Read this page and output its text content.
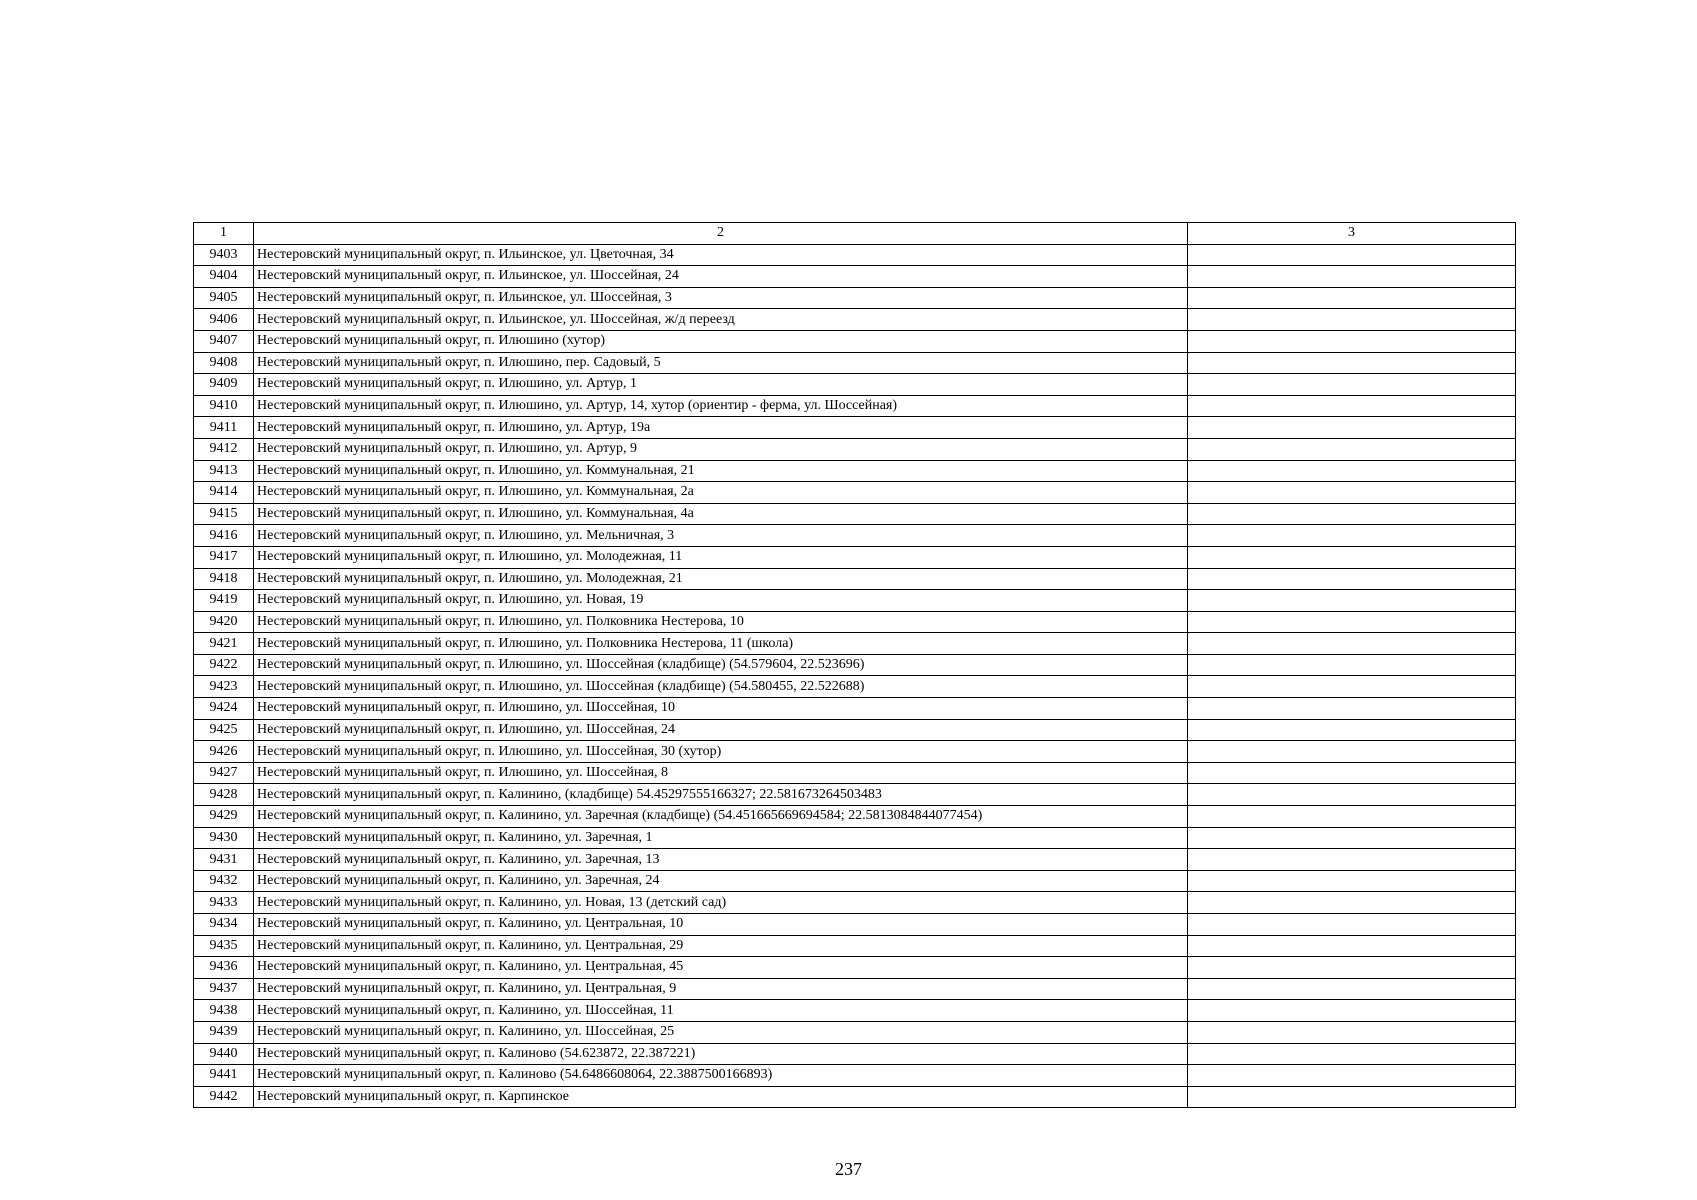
1	2	3
9403	Нестеровский муниципальный округ, п. Ильинское, ул. Цветочная, 34	
9404	Нестеровский муниципальный округ, п. Ильинское, ул. Шоссейная, 24	
9405	Нестеровский муниципальный округ, п. Ильинское, ул. Шоссейная, 3	
9406	Нестеровский муниципальный округ, п. Ильинское, ул. Шоссейная, ж/д переезд	
9407	Нестеровский муниципальный округ, п. Илюшино (хутор)	
9408	Нестеровский муниципальный округ, п. Илюшино, пер. Садовый, 5	
9409	Нестеровский муниципальный округ, п. Илюшино, ул. Артур, 1	
9410	Нестеровский муниципальный округ, п. Илюшино, ул. Артур, 14, хутор (ориентир - ферма, ул. Шоссейная)	
9411	Нестеровский муниципальный округ, п. Илюшино, ул. Артур, 19а	
9412	Нестеровский муниципальный округ, п. Илюшино, ул. Артур, 9	
9413	Нестеровский муниципальный округ, п. Илюшино, ул. Коммунальная, 21	
9414	Нестеровский муниципальный округ, п. Илюшино, ул. Коммунальная, 2а	
9415	Нестеровский муниципальный округ, п. Илюшино, ул. Коммунальная, 4а	
9416	Нестеровский муниципальный округ, п. Илюшино, ул. Мельничная, 3	
9417	Нестеровский муниципальный округ, п. Илюшино, ул. Молодежная, 11	
9418	Нестеровский муниципальный округ, п. Илюшино, ул. Молодежная, 21	
9419	Нестеровский муниципальный округ, п. Илюшино, ул. Новая, 19	
9420	Нестеровский муниципальный округ, п. Илюшино, ул. Полковника Нестерова, 10	
9421	Нестеровский муниципальный округ, п. Илюшино, ул. Полковника Нестерова, 11 (школа)	
9422	Нестеровский муниципальный округ, п. Илюшино, ул. Шоссейная (кладбище) (54.579604, 22.523696)	
9423	Нестеровский муниципальный округ, п. Илюшино, ул. Шоссейная (кладбище) (54.580455, 22.522688)	
9424	Нестеровский муниципальный округ, п. Илюшино, ул. Шоссейная, 10	
9425	Нестеровский муниципальный округ, п. Илюшино, ул. Шоссейная, 24	
9426	Нестеровский муниципальный округ, п. Илюшино, ул. Шоссейная, 30 (хутор)	
9427	Нестеровский муниципальный округ, п. Илюшино, ул. Шоссейная, 8	
9428	Нестеровский муниципальный округ, п. Калинино, (кладбище) 54.45297555166327; 22.581673264503483	
9429	Нестеровский муниципальный округ, п. Калинино, ул. Заречная (кладбище) (54.451665669694584; 22.5813084844077454)	
9430	Нестеровский муниципальный округ, п. Калинино, ул. Заречная, 1	
9431	Нестеровский муниципальный округ, п. Калинино, ул. Заречная, 13	
9432	Нестеровский муниципальный округ, п. Калинино, ул. Заречная, 24	
9433	Нестеровский муниципальный округ, п. Калинино, ул. Новая, 13 (детский сад)	
9434	Нестеровский муниципальный округ, п. Калинино, ул. Центральная, 10	
9435	Нестеровский муниципальный округ, п. Калинино, ул. Центральная, 29	
9436	Нестеровский муниципальный округ, п. Калинино, ул. Центральная, 45	
9437	Нестеровский муниципальный округ, п. Калинино, ул. Центральная, 9	
9438	Нестеровский муниципальный округ, п. Калинино, ул. Шоссейная, 11	
9439	Нестеровский муниципальный округ, п. Калинино, ул. Шоссейная, 25	
9440	Нестеровский муниципальный округ, п. Калиново (54.623872, 22.387221)	
9441	Нестеровский муниципальный округ, п. Калиново (54.6486608064, 22.3887500166893)	
9442	Нестеровский муниципальный округ, п. Карпинское	
237
